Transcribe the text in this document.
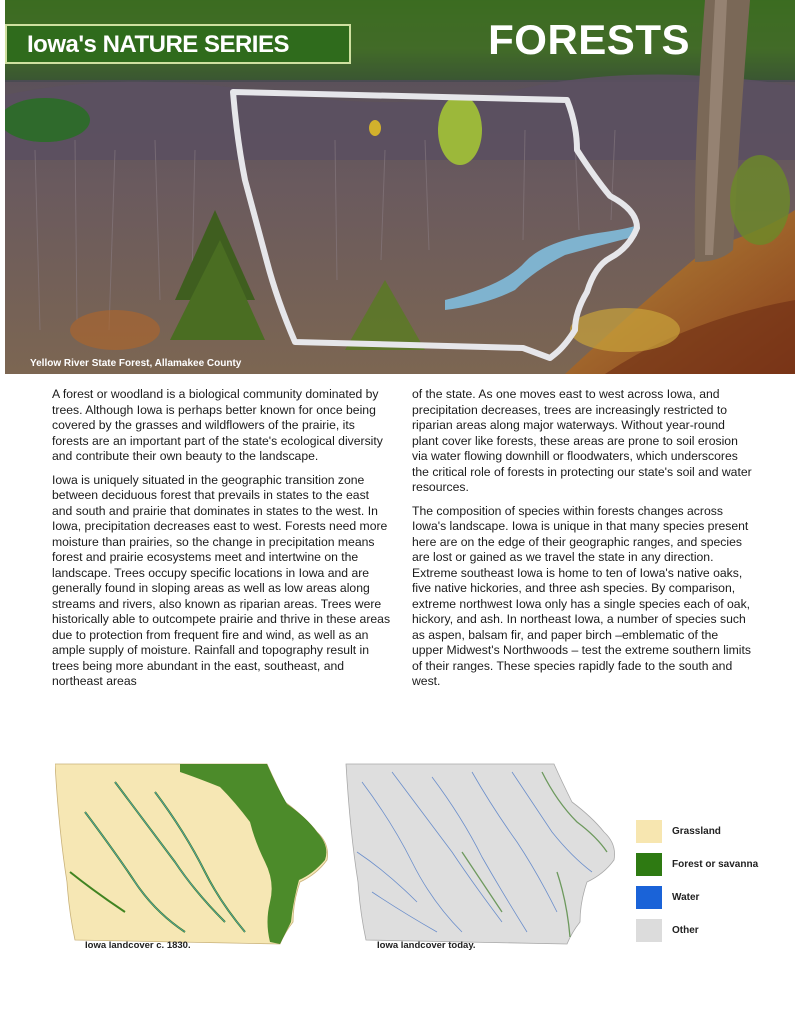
Iowa's NATURE SERIES	FORESTS
Yellow River State Forest, Allamakee County

A forest or woodland is a biological community dominated by trees. Although Iowa is perhaps better known for once being covered by the grasses and wildflowers of the prairie, its forests are an important part of the state's ecological diversity and contribute their own beauty to the landscape.

Iowa is uniquely situated in the geographic transition zone between deciduous forest that prevails in states to the east and south and prairie that dominates in states to the west. In Iowa, precipitation decreases east to west. Forests need more moisture than prairies, so the change in precipitation means forest and prairie ecosystems meet and intertwine on the landscape. Trees occupy specific locations in Iowa and are generally found in sloping areas as well as low areas along streams and rivers, also known as riparian areas. Trees were historically able to outcompete prairie and thrive in these areas due to protection from frequent fire and wind, as well as an ample supply of moisture. Rainfall and topography result in trees being more abundant in the east, southeast, and northeast areas

of the state. As one moves east to west across Iowa, and precipitation decreases, trees are increasingly restricted to riparian areas along major waterways. Without year-round plant cover like forests, these areas are prone to soil erosion via water flowing downhill or floodwaters, which underscores the critical role of forests in protecting our state's soil and water resources.

The composition of species within forests changes across Iowa's landscape. Iowa is unique in that many species present here are on the edge of their geographic ranges, and species are lost or gained as we travel the state in any direction. Extreme southeast Iowa is home to ten of Iowa's native oaks, five native hickories, and three ash species. By comparison, extreme northwest Iowa only has a single species each of oak, hickory, and ash. In northeast Iowa, a number of species such as aspen, balsam fir, and paper birch –emblematic of the upper Midwest's Northwoods – test the extreme southern limits of their ranges. These species rapidly fade to the south and west.

Iowa landcover c. 1830.	Iowa landcover today.
Grassland
Forest or savanna
Water
Other
